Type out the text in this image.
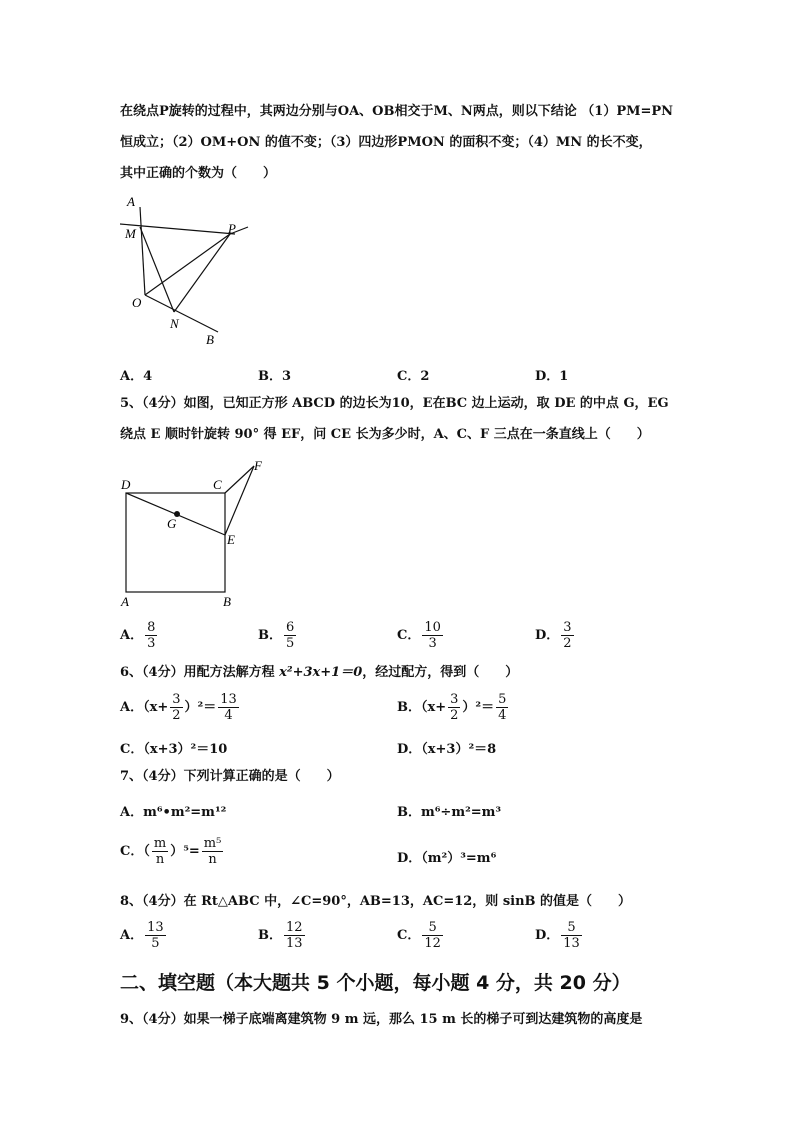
在绕点P旋转的过程中，其两边分别与OA、OB相交于M、N两点，则以下结论 （1）PM=PN
恒成立；（2）OM+ON 的值不变；（3）四边形PMON 的面积不变；（4）MN 的长不变，
其中正确的个数为（　　）
A
M	P
O
N
B
A．4	B．3	C．2	D．1
5、（4分）如图，已知正方形 ABCD 的边长为10，E在BC 边上运动，取 DE 的中点 G，EG
绕点 E 顺时针旋转 90° 得 EF，问 CE 长为多少时，A、C、F 三点在一条直线上（　　）
D	C
F
G
E
A	B
A． $\frac{8}{3}$	B． $\frac{6}{5}$	C． $\frac{10}{3}$	D． $\frac{3}{2}$
6、（4分）用配方法解方程 x²+3x+1＝0，经过配方，得到（　　）
A．$(x+ \frac{3}{2} )^2= \frac{13}{4}$	B．$(x+ \frac{3}{2} )^2= \frac{5}{4}$
C．（x+3）²＝10	D．（x+3）²＝8
7、（4分）下列计算正确的是（　　）
A．m⁶•m²=m¹²	B．m⁶÷m²=m³
C．（ $\frac{m}{n} )^5= \frac{\text{m⁵}}{n}$	D．（m²）³=m⁶
8、（4分）在 Rt△ABC 中，∠C=90°，AB=13，AC=12，则 sinB 的值是（　　）
A． $\frac{13}{5}$	B． $\frac{12}{13}$	C． $\frac{5}{12}$	D． $\frac{5}{13}$
二、填空题（本大题共 5 个小题，每小题 4 分，共 20 分）
9、（4分）如果一梯子底端离建筑物 9 m 远，那么 15 m 长的梯子可到达建筑物的高度是
